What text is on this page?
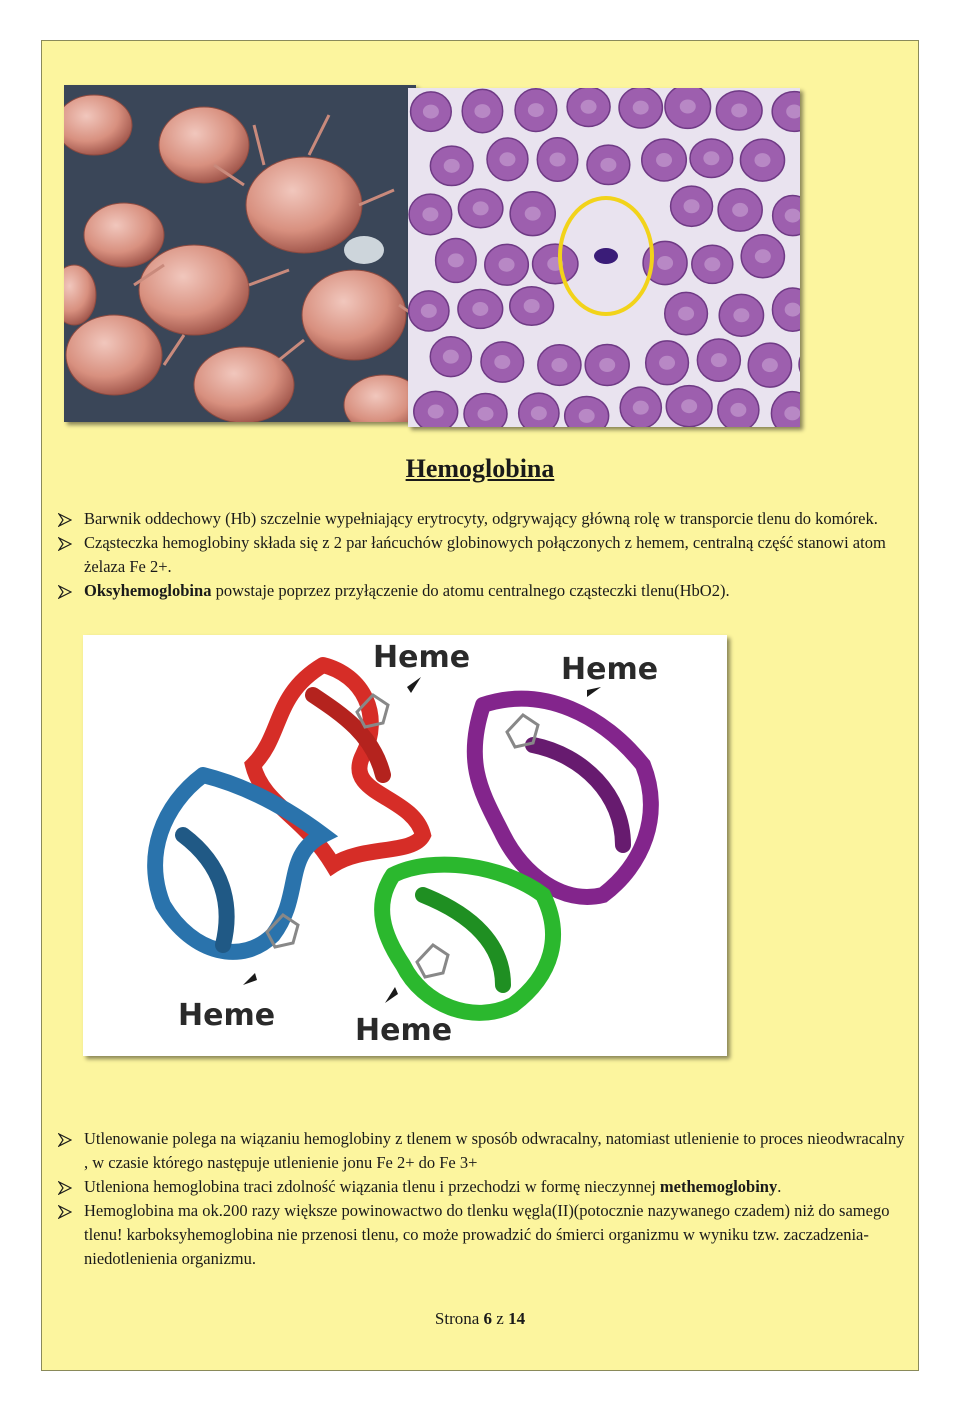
Hemoglobina
Barwnik oddechowy (Hb) szczelnie wypełniający erytrocyty, odgrywający główną rolę w transporcie tlenu do komórek.
Cząsteczka hemoglobiny składa się z 2 par łańcuchów globinowych połączonych z hemem, centralną część stanowi atom żelaza Fe 2+.
Oksyhemoglobina powstaje poprzez przyłączenie do atomu centralnego cząsteczki tlenu(HbO2).
Heme	Heme
Heme	Heme
Utlenowanie polega na wiązaniu hemoglobiny z tlenem w sposób odwracalny, natomiast utlenienie to proces nieodwracalny , w czasie którego następuje utlenienie jonu Fe 2+ do Fe 3+
Utleniona hemoglobina traci zdolność wiązania tlenu i przechodzi w formę nieczynnej methemoglobiny.
Hemoglobina ma ok.200 razy większe powinowactwo do tlenku węgla(II)(potocznie nazywanego czadem) niż do samego tlenu! karboksyhemoglobina nie przenosi tlenu, co może prowadzić do śmierci organizmu w wyniku tzw. zaczadzenia-niedotlenienia organizmu.
Strona 6 z 14
